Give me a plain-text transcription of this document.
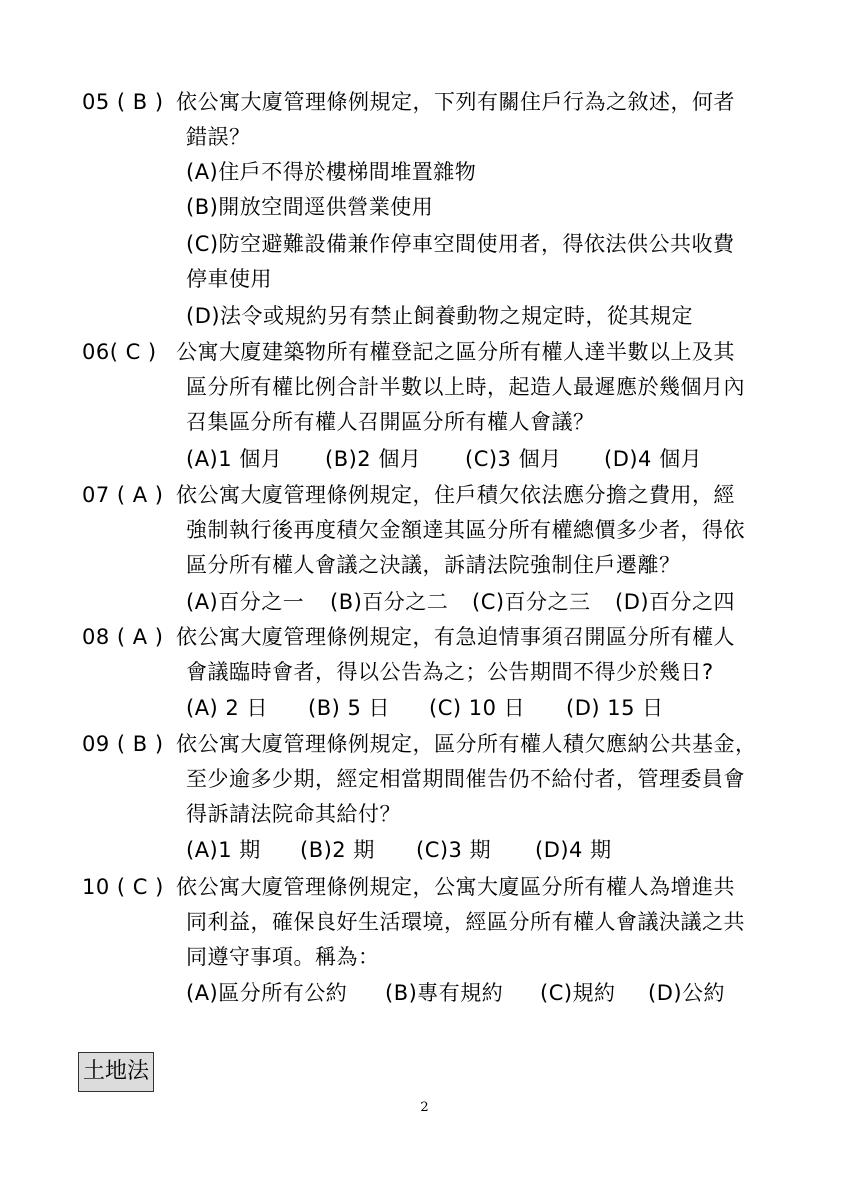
05 ( B ) 依公寓大廈管理條例規定，下列有關住戶行為之敘述，何者
錯誤？
(A)住戶不得於樓梯間堆置雜物
(B)開放空間逕供營業使用
(C)防空避難設備兼作停車空間使用者，得依法供公共收費
停車使用
(D)法令或規約另有禁止飼養動物之規定時，從其規定
06( C ) 公寓大廈建築物所有權登記之區分所有權人達半數以上及其
區分所有權比例合計半數以上時，起造人最遲應於幾個月內
召集區分所有權人召開區分所有權人會議？
(A)1 個月 (B)2 個月 (C)3 個月 (D)4 個月
07 ( A ) 依公寓大廈管理條例規定，住戶積欠依法應分擔之費用，經
強制執行後再度積欠金額達其區分所有權總價多少者，得依
區分所有權人會議之決議，訴請法院強制住戶遷離？
(A)百分之一 (B)百分之二 (C)百分之三 (D)百分之四
08 ( A ) 依公寓大廈管理條例規定，有急迫情事須召開區分所有權人
會議臨時會者，得以公告為之；公告期間不得少於幾日?
(A) 2 日 (B) 5 日 (C) 10 日 (D) 15 日
09 ( B ) 依公寓大廈管理條例規定，區分所有權人積欠應納公共基金，
至少逾多少期，經定相當期間催告仍不給付者，管理委員會
得訴請法院命其給付？
(A)1 期 (B)2 期 (C)3 期 (D)4 期
10 ( C ) 依公寓大廈管理條例規定，公寓大廈區分所有權人為增進共
同利益，確保良好生活環境，經區分所有權人會議決議之共
同遵守事項。稱為：
(A)區分所有公約 (B)專有規約 (C)規約 (D)公約
土地法
2
